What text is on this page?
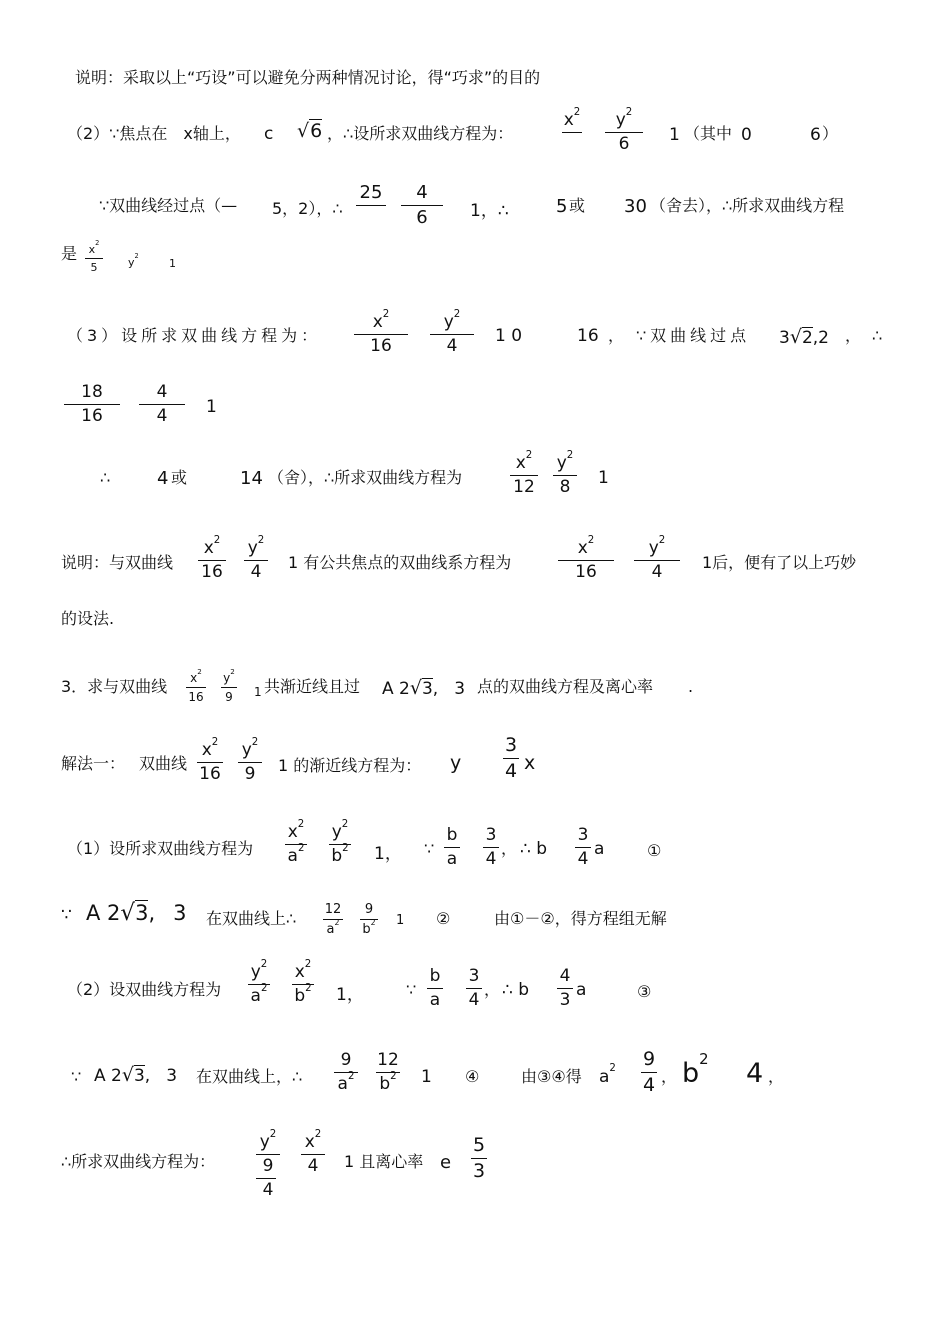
说明：采取以上“巧设”可以避免分两种情况讨论，得“巧求”的目的
（2）∵焦点在 x轴上， c √6 ，∴设所求双曲线方程为：
$x^2$
$y^2$
6 1 （其中 0	6 ）
∵双曲线经过点（— 5，2），∴
25
4
6 1，∴	5 或 30 （舍去），∴所求双曲线方程
是 $x^2$
5	$y^2$
1
（3）设所求双曲线方程为：
$x^2$
16
$y^2$
4 1 0	16 ， ∵双曲线过点 3√2,2 ， ∴
18
16
4
4 1
∴	4 或	14 （舍），∴所求双曲线方程为
$x^2$
12
$y^2$
8 1
说明：与双曲线
$x^2$
16
$y^2$
4 1 有公共焦点的双曲线系方程为
$x^2$
16
$y^2$
4 1后，便有了以上巧妙
的设法.
3．求与双曲线 $x^2$
16
$y^2$
9 1 共渐近线且过 A 2√3, 3 点的双曲线方程及离心率 .
解法一： 双曲线
$x^2$
16
$y^2$
9 1 的渐近线方程为： y
3
4 x
（1）设所求双曲线方程为
$x^2$
$a^2$
$y^2$
$b^2$ 1， ∵
b
a
3
4
， ∴ b
3
4 a	①
∵ A 2√3, 3 在双曲线上∴ 12
$a^2$
9
$b^2$ 1 ②	由①－②，得方程组无解
（2）设双曲线方程为
$y^2$
$a^2$
$x^2$
$b^2$ 1，	∵
b
a
3
4
， ∴ b
4
3 a	③
∵ A 2√3, 3 在双曲线上，∴
9
$a^2$
12
$b^2$ 1 ④	由③④得 $a^2$ 9
4 ， $b^2$ 4 ，
∴所求双曲线方程为：
$y^2$
9
4
$x^2$
4 1 且离心率 e
5
3
